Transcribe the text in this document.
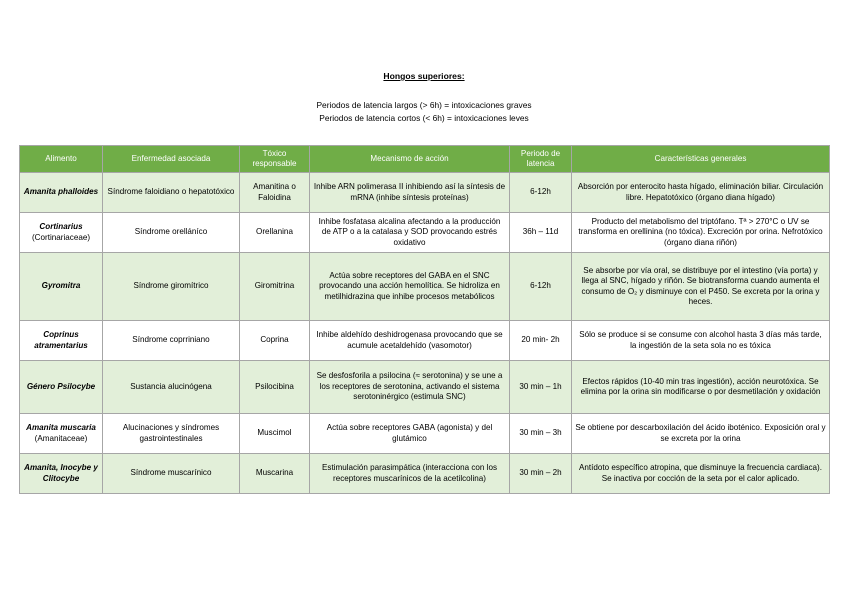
Hongos superiores:
Periodos de latencia largos (> 6h) = intoxicaciones graves
Periodos de latencia cortos (< 6h) = intoxicaciones leves
Alimento	Enfermedad asociada	Tóxico responsable	Mecanismo de acción	Periodo de latencia	Características generales
Amanita phalloides	Síndrome faloidiano o hepatotóxico	Amanitina o Faloidina	Inhibe ARN polimerasa II inhibiendo así la síntesis de mRNA (inhibe síntesis proteínas)	6-12h	Absorción por enterocito hasta hígado, eliminación biliar. Circulación libre. Hepatotóxico (órgano diana hígado)
Cortinarius
(Cortinariaceae)	Síndrome orelláníco	Orellanina	Inhibe fosfatasa alcalina afectando a la producción de ATP o a la catalasa y SOD provocando estrés oxidativo	36h – 11d	Producto del metabolismo del triptófano. Tª > 270°C o UV se transforma en orellinina (no tóxica). Excreción por orina. Nefrotóxico (órgano diana riñón)
Gyromitra	Síndrome giromítrico	Giromitrina	Actúa sobre receptores del GABA en el SNC provocando una acción hemolítica. Se hidroliza en metilhidrazina que inhibe procesos metabólicos	6-12h	Se absorbe por vía oral, se distribuye por el intestino (vía porta) y llega al SNC, hígado y riñón. Se biotransforma cuando aumenta el consumo de O₂ y disminuye con el P450. Se excreta por la orina y heces.
Coprinus atramentarius	Síndrome coprriniano	Coprina	Inhibe aldehído deshidrogenasa provocando que se acumule acetaldehído (vasomotor)	20 min- 2h	Sólo se produce si se consume con alcohol hasta 3 días más tarde, la ingestión de la seta sola no es tóxica
Género Psilocybe	Sustancia alucinógena	Psilocibina	Se desfosforila a psilocina (≈ serotonina) y se une a los receptores de serotonina, activando el sistema serotoninérgico (estimula SNC)	30 min – 1h	Efectos rápidos (10-40 min tras ingestión), acción neurotóxica. Se elimina por la orina sin modificarse o por desmetilación y oxidación
Amanita muscaria
(Amanitaceae)	Alucinaciones y síndromes gastrointestinales	Muscimol	Actúa sobre receptores GABA (agonista) y del glutámico	30 min – 3h	Se obtiene por descarboxilación del ácido iboténico. Exposición oral y se excreta por la orina
Amanita, Inocybe y Clitocybe	Síndrome muscarínico	Muscarina	Estimulación parasimpática (interacciona con los receptores muscarínicos de la acetilcolina)	30 min – 2h	Antídoto específico atropina, que disminuye la frecuencia cardiaca). Se inactiva por cocción de la seta por el calor aplicado.
